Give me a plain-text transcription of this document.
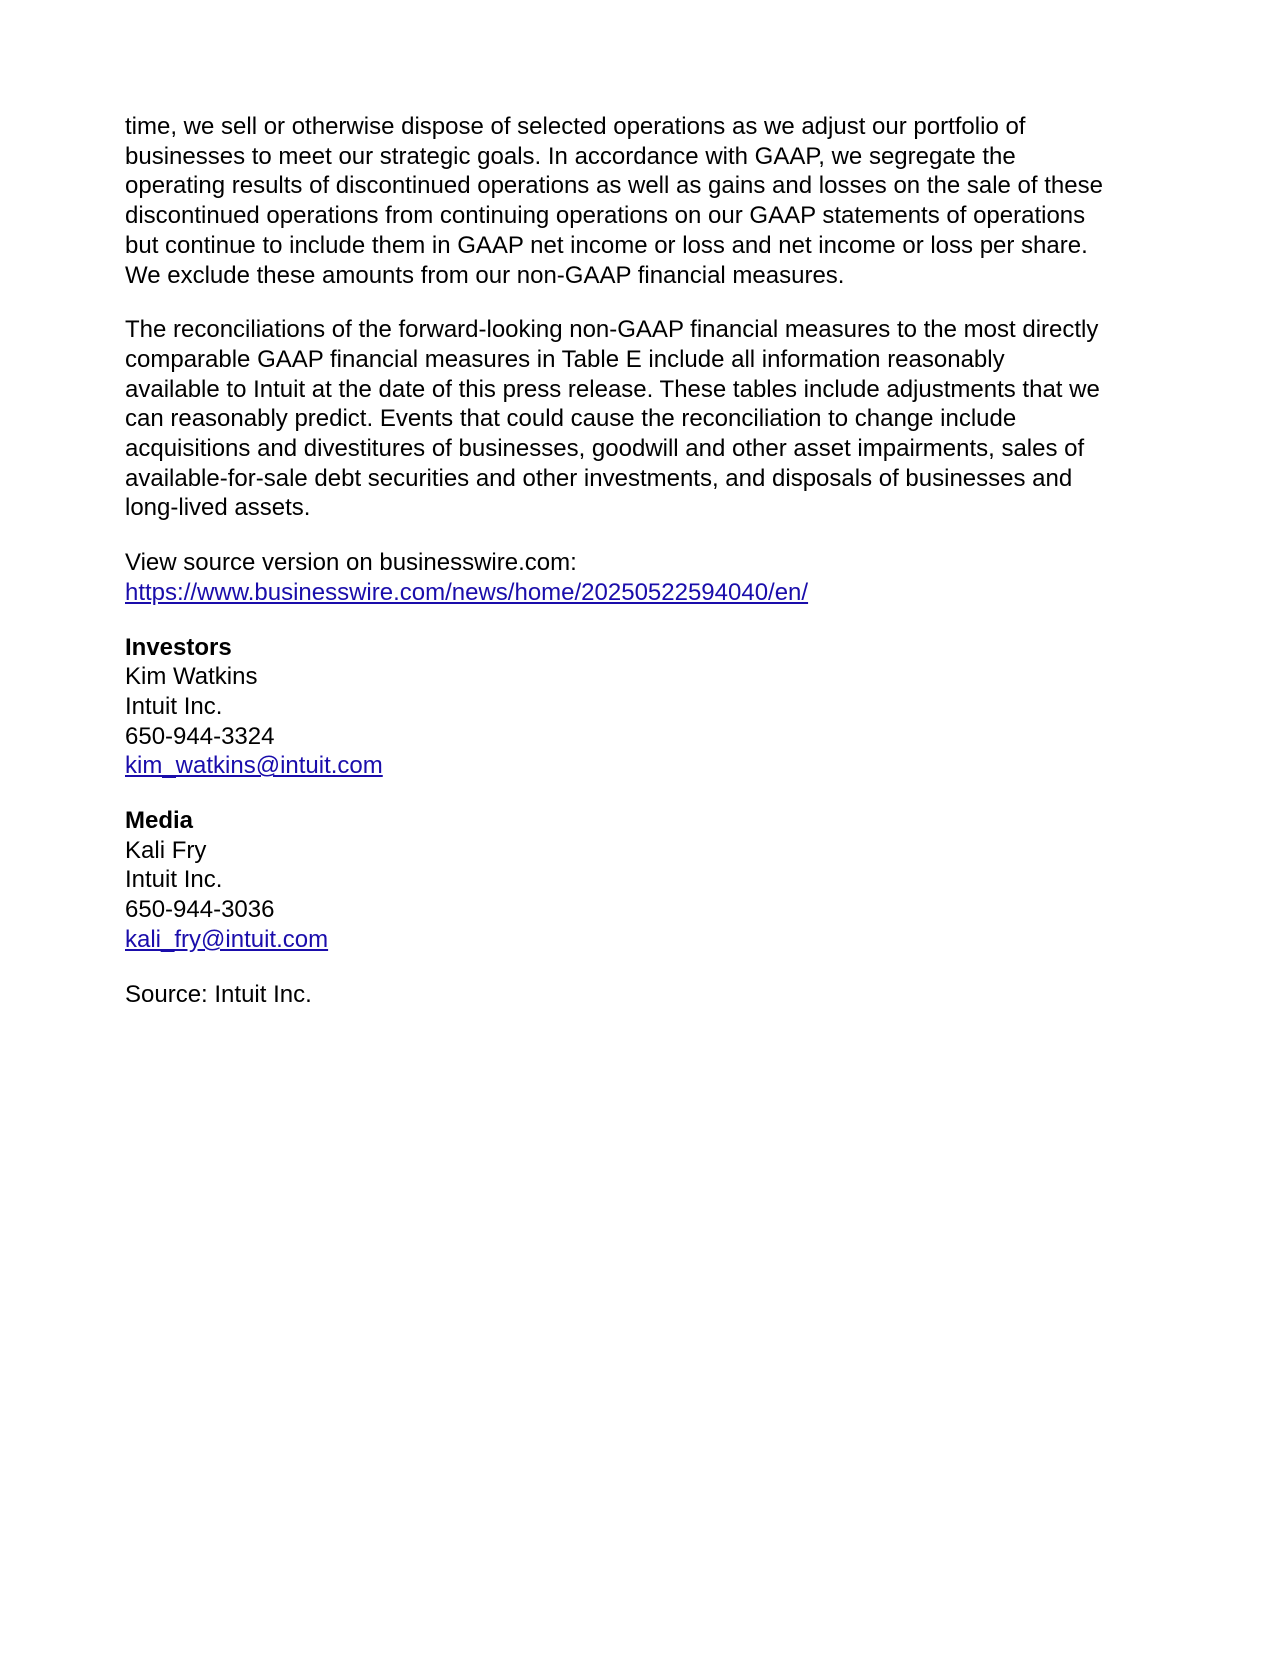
time, we sell or otherwise dispose of selected operations as we adjust our portfolio of
businesses to meet our strategic goals. In accordance with GAAP, we segregate the
operating results of discontinued operations as well as gains and losses on the sale of these
discontinued operations from continuing operations on our GAAP statements of operations
but continue to include them in GAAP net income or loss and net income or loss per share.
We exclude these amounts from our non-GAAP financial measures.

The reconciliations of the forward-looking non-GAAP financial measures to the most directly
comparable GAAP financial measures in Table E include all information reasonably
available to Intuit at the date of this press release. These tables include adjustments that we
can reasonably predict. Events that could cause the reconciliation to change include
acquisitions and divestitures of businesses, goodwill and other asset impairments, sales of
available-for-sale debt securities and other investments, and disposals of businesses and
long-lived assets.

View source version on businesswire.com:
https://www.businesswire.com/news/home/20250522594040/en/
Investors
Kim Watkins
Intuit Inc.
650-944-3324
kim_watkins@intuit.com
Media
Kali Fry
Intuit Inc.
650-944-3036
kali_fry@intuit.com

Source: Intuit Inc.
